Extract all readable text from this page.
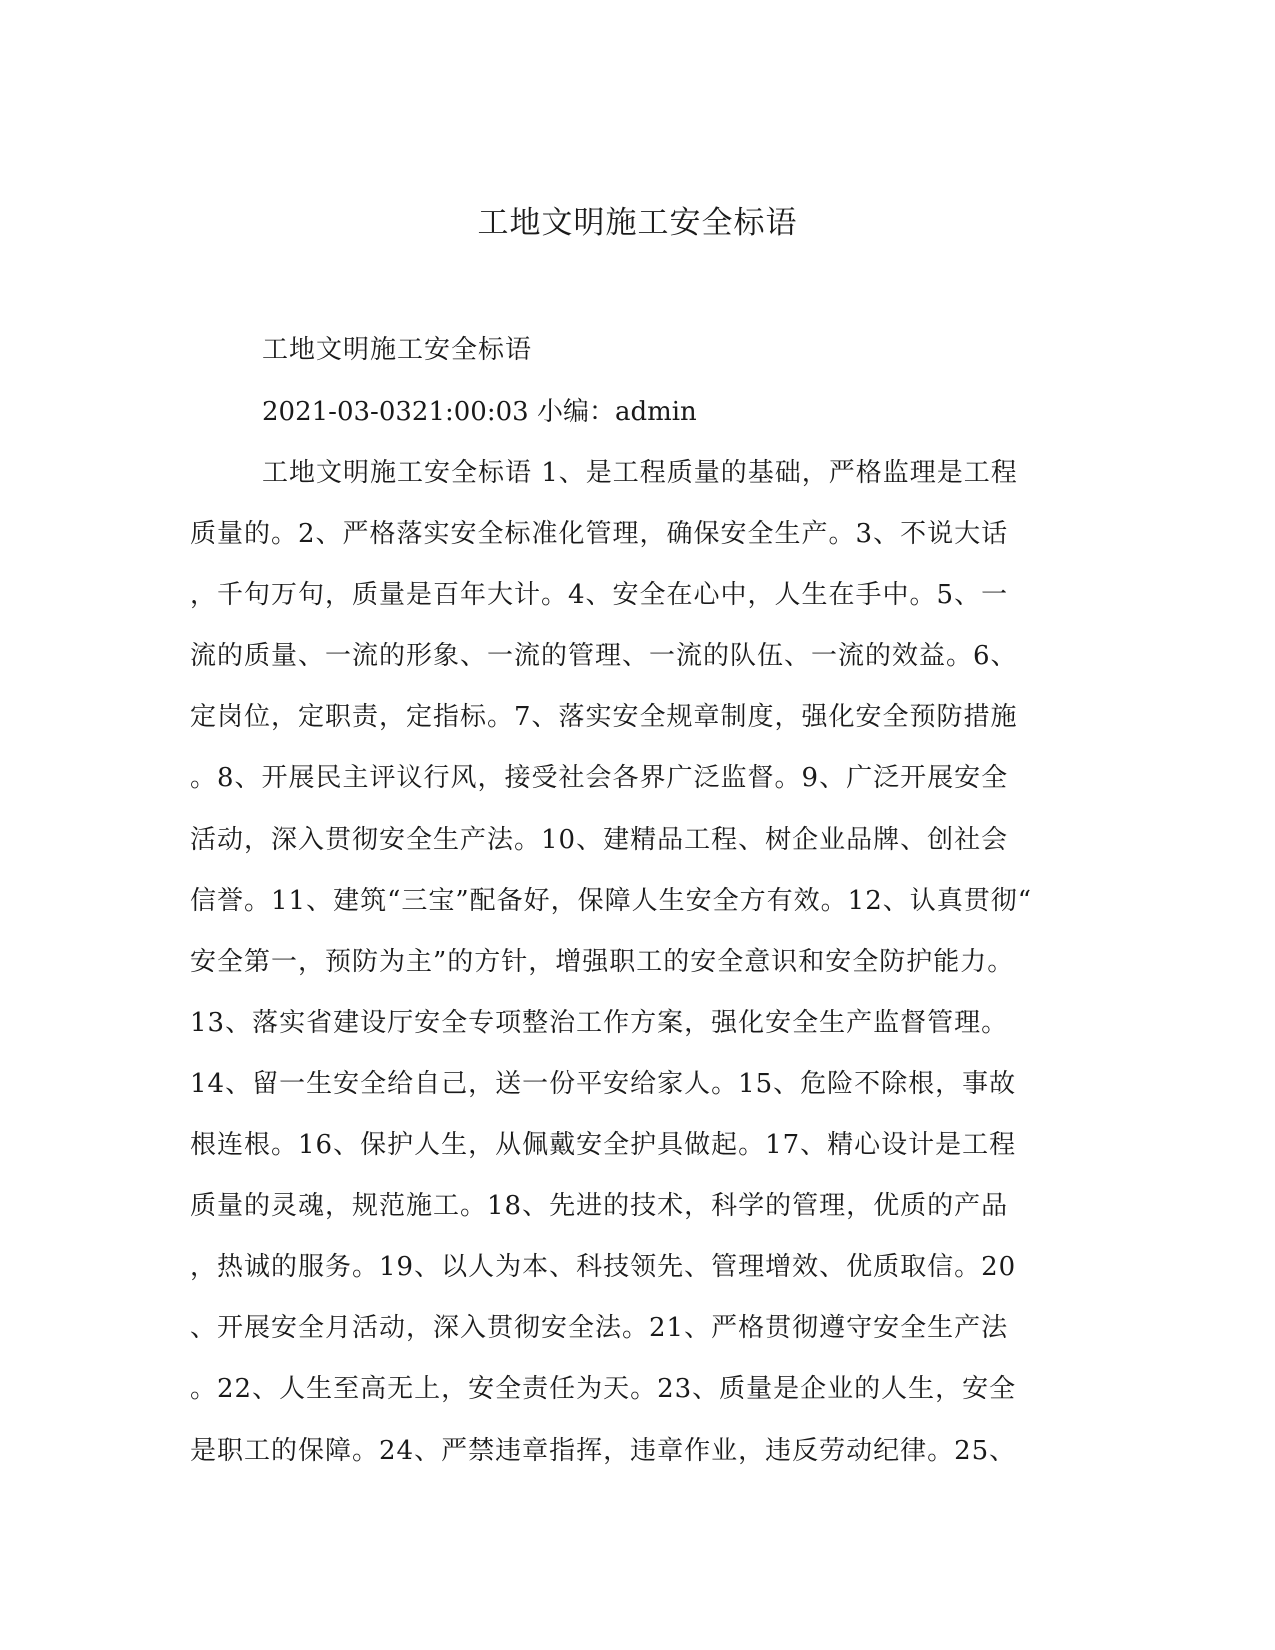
工地文明施工安全标语
工地文明施工安全标语
2021-03-0321:00:03 小编：admin
工地文明施工安全标语 1、是工程质量的基础，严格监理是工程
质量的。2、严格落实安全标准化管理，确保安全生产。3、不说大话
，千句万句，质量是百年大计。4、安全在心中，人生在手中。5、一
流的质量、一流的形象、一流的管理、一流的队伍、一流的效益。6、
定岗位，定职责，定指标。7、落实安全规章制度，强化安全预防措施
。8、开展民主评议行风，接受社会各界广泛监督。9、广泛开展安全
活动，深入贯彻安全生产法。10、建精品工程、树企业品牌、创社会
信誉。11、建筑“三宝”配备好，保障人生安全方有效。12、认真贯彻“
安全第一，预防为主”的方针，增强职工的安全意识和安全防护能力。
13、落实省建设厅安全专项整治工作方案，强化安全生产监督管理。
14、留一生安全给自己，送一份平安给家人。15、危险不除根，事故
根连根。16、保护人生，从佩戴安全护具做起。17、精心设计是工程
质量的灵魂，规范施工。18、先进的技术，科学的管理，优质的产品
，热诚的服务。19、以人为本、科技领先、管理增效、优质取信。20
、开展安全月活动，深入贯彻安全法。21、严格贯彻遵守安全生产法
。22、人生至高无上，安全责任为天。23、质量是企业的人生，安全
是职工的保障。24、严禁违章指挥，违章作业，违反劳动纪律。25、
